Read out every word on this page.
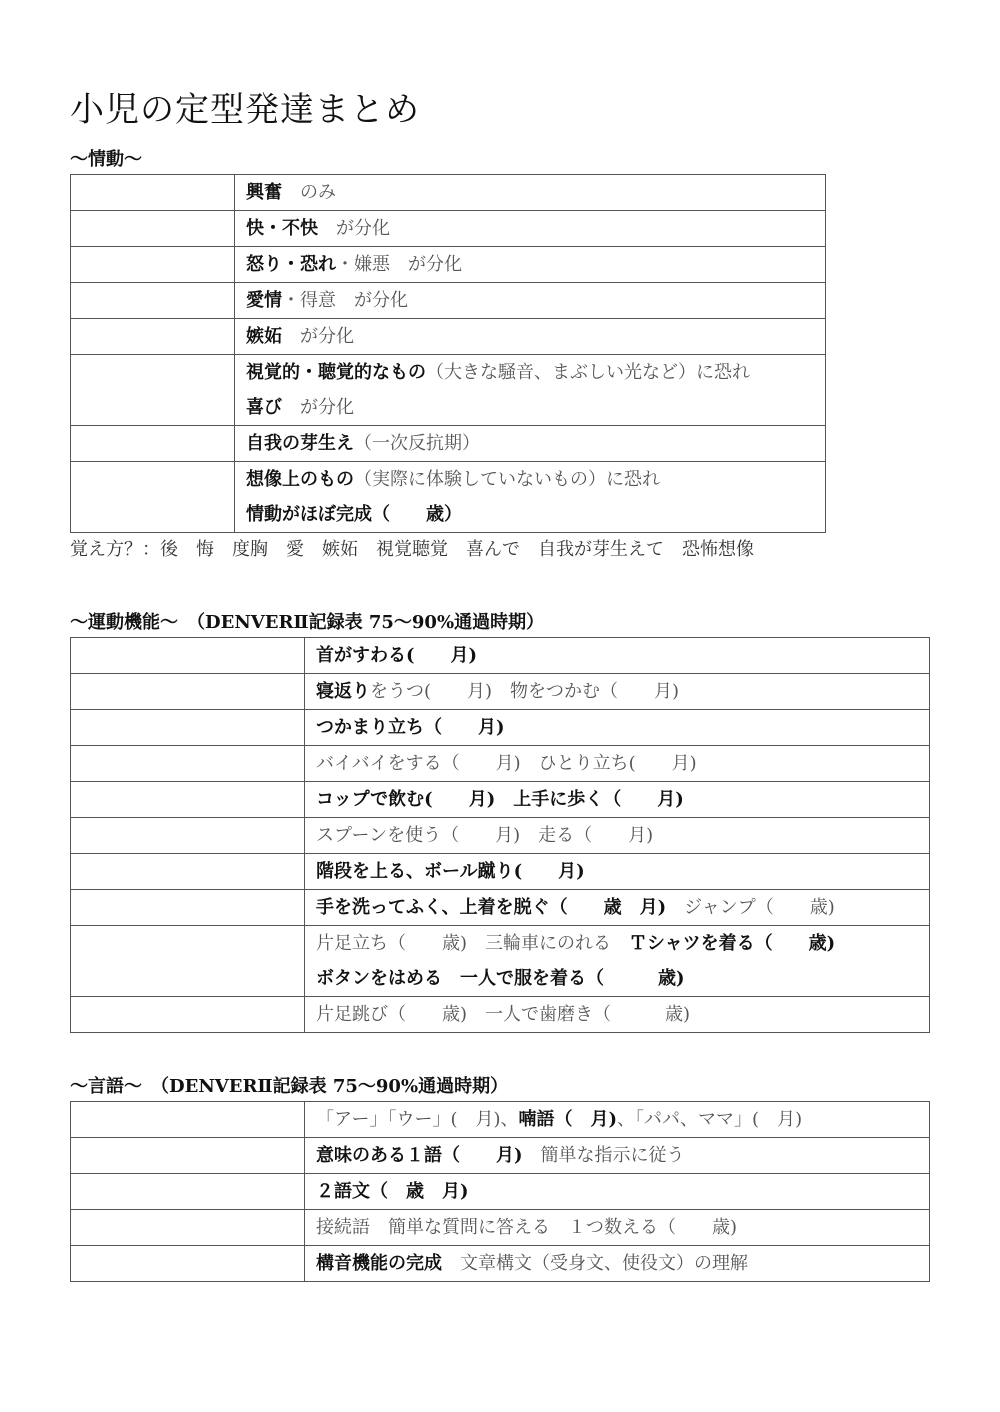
小児の定型発達まとめ
～情動～
	興奮　のみ
	快・不快　が分化
	怒り・恐れ・嫌悪　が分化
	愛情・得意　が分化
	嫉妬　が分化
	視覚的・聴覚的なもの（大きな騒音、まぶしい光など）に恐れ
喜び　が分化
	自我の芽生え（一次反抗期）
	想像上のもの（実際に体験していないもの）に恐れ
情動がほぼ完成（　　歳）
覚え方？：後　悔　度胸　愛　嫉妬　視覚聴覚　喜んで　自我が芽生えて　恐怖想像
～運動機能～　（DENVERⅡ記録表 75～90%通過時期）
	首がすわる(　　月)
	寝返りをうつ(　　月)　物をつかむ（　　月)
	つかまり立ち（　　月)
	バイバイをする（　　月)　ひとり立ち(　　月)
	コップで飲む(　　月)　上手に歩く（　　月)
	スプーンを使う（　　月)　走る（　　月)
	階段を上る、ボール蹴り(　　月)
	手を洗ってふく、上着を脱ぐ（　　歳　月)　ジャンプ（　　歳)
	片足立ち（　　歳)　三輪車にのれる　Ｔシャツを着る（　　歳)
ボタンをはめる　一人で服を着る（　　　歳)
	片足跳び（　　歳)　一人で歯磨き（　　　歳)
～言語～　（DENVERⅡ記録表 75～90%通過時期）
	「アー」「ウー」(　月)、喃語（　月)、「パパ、ママ」(　月)
	意味のある１語（　　月)　簡単な指示に従う
	２語文（　歳　月)
	接続語　簡単な質問に答える　１つ数える（　　歳)
	構音機能の完成　文章構文（受身文、使役文）の理解
